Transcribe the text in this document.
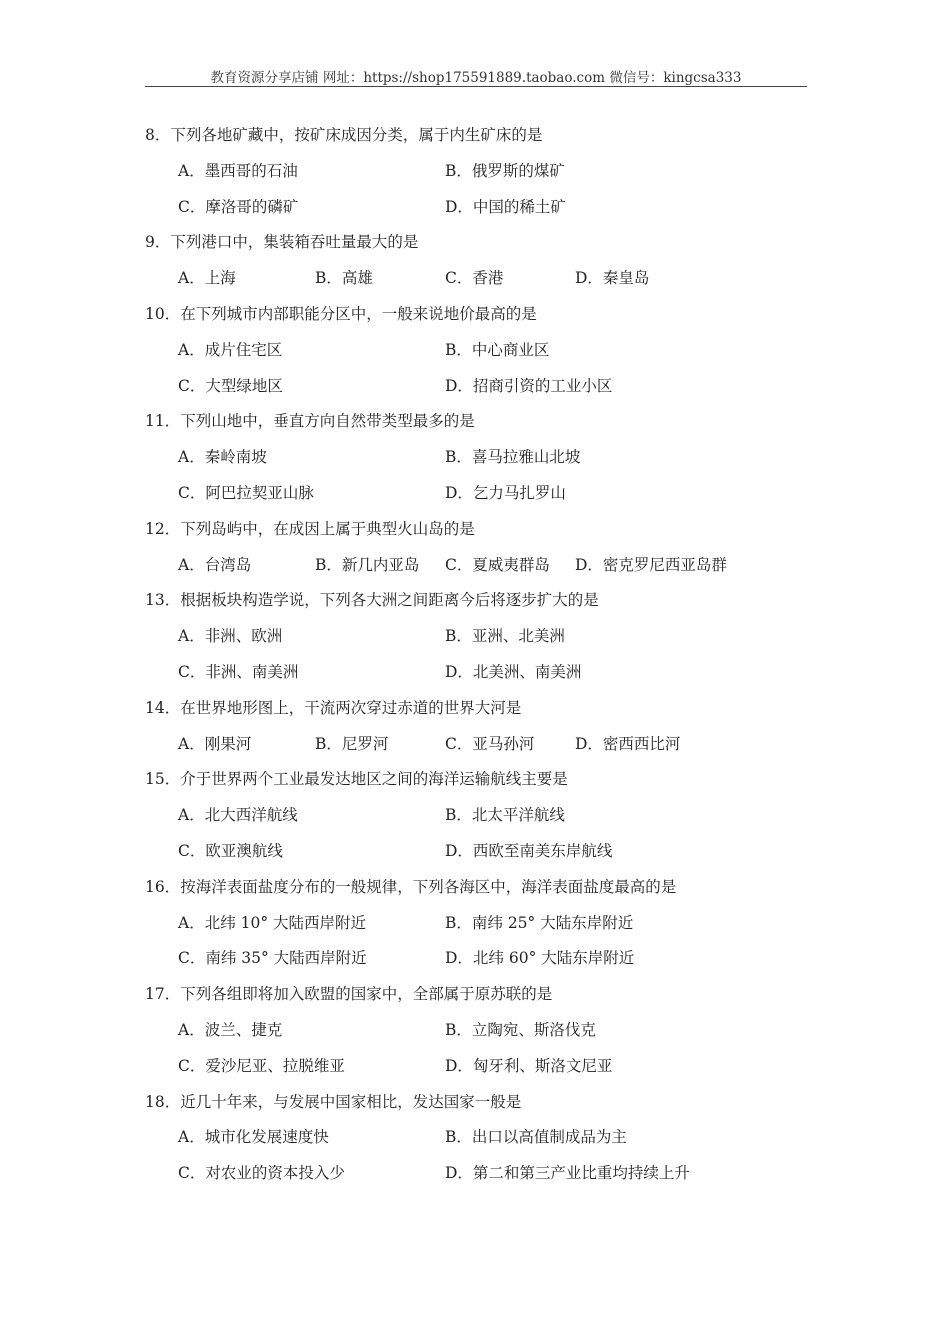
教育资源分享店铺 网址：https://shop175591889.taobao.com 微信号：kingcsa333
8．下列各地矿藏中，按矿床成因分类，属于内生矿床的是
A．墨西哥的石油	B．俄罗斯的煤矿
C．摩洛哥的磷矿	D．中国的稀土矿
9．下列港口中，集装箱吞吐量最大的是
A．上海	B．高雄	C．香港	D．秦皇岛
10．在下列城市内部职能分区中，一般来说地价最高的是
A．成片住宅区	B．中心商业区
C．大型绿地区	D．招商引资的工业小区
11．下列山地中，垂直方向自然带类型最多的是
A．秦岭南坡	B．喜马拉雅山北坡
C．阿巴拉契亚山脉	D．乞力马扎罗山
12．下列岛屿中，在成因上属于典型火山岛的是
A．台湾岛	B．新几内亚岛 C．夏威夷群岛 D．密克罗尼西亚岛群
13．根据板块构造学说，下列各大洲之间距离今后将逐步扩大的是
A．非洲、欧洲	B．亚洲、北美洲
C．非洲、南美洲	D．北美洲、南美洲
14．在世界地形图上，干流两次穿过赤道的世界大河是
A．刚果河	B．尼罗河	C．亚马孙河	D．密西西比河
15．介于世界两个工业最发达地区之间的海洋运输航线主要是
A．北大西洋航线	B．北太平洋航线
C．欧亚澳航线	D．西欧至南美东岸航线
16．按海洋表面盐度分布的一般规律，下列各海区中，海洋表面盐度最高的是
A．北纬 10° 大陆西岸附近	B．南纬 25° 大陆东岸附近
C．南纬 35° 大陆西岸附近	D．北纬 60° 大陆东岸附近
17．下列各组即将加入欧盟的国家中，全部属于原苏联的是
A．波兰、捷克	B．立陶宛、斯洛伐克
C．爱沙尼亚、拉脱维亚	D．匈牙利、斯洛文尼亚
18．近几十年来，与发展中国家相比，发达国家一般是
A．城市化发展速度快	B．出口以高值制成品为主
C．对农业的资本投入少	D．第二和第三产业比重均持续上升
